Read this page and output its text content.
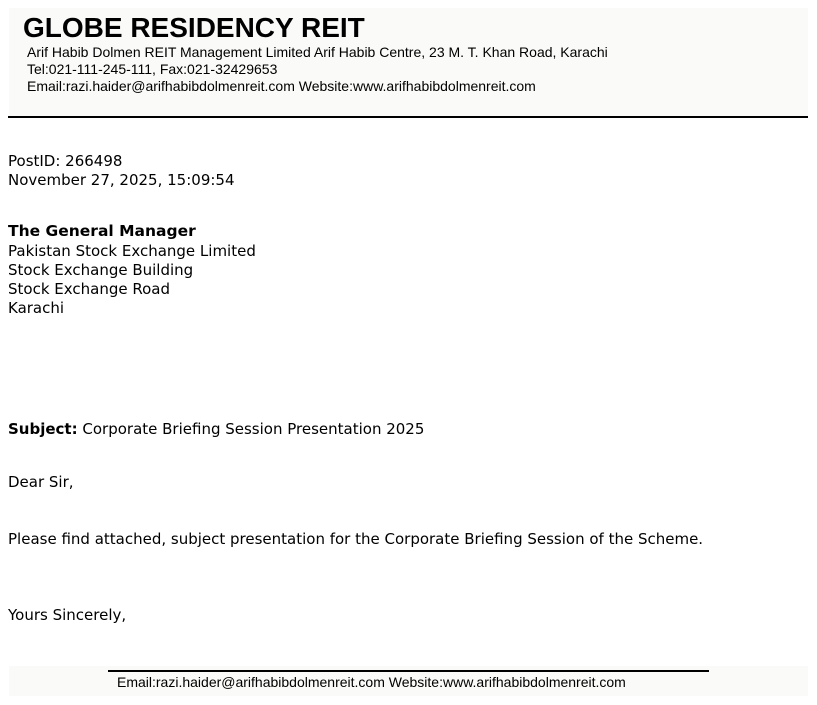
GLOBE RESIDENCY REIT
Arif Habib Dolmen REIT Management Limited Arif Habib Centre, 23 M. T. Khan Road, Karachi
Tel:021-111-245-111, Fax:021-32429653
Email:razi.haider@arifhabibdolmenreit.com Website:www.arifhabibdolmenreit.com
PostID: 266498
November 27, 2025, 15:09:54
The General Manager
Pakistan Stock Exchange Limited
Stock Exchange Building
Stock Exchange Road
Karachi
Subject: Corporate Briefing Session Presentation 2025
Dear Sir,
Please find attached, subject presentation for the Corporate Briefing Session of the Scheme.
Yours Sincerely,
Email:razi.haider@arifhabibdolmenreit.com Website:www.arifhabibdolmenreit.com
